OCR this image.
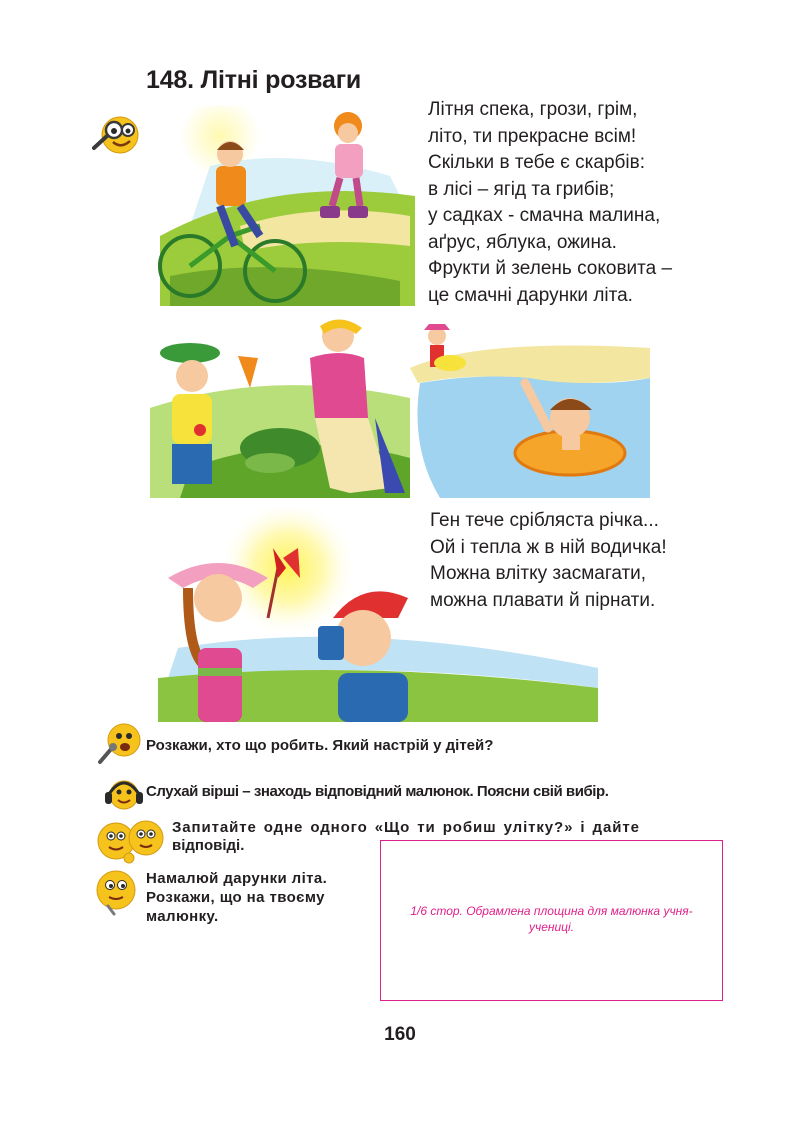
148. Літні розваги
Літня спека, грози, грім,
літо, ти прекрасне всім!
Скільки в тебе є скарбів:
в лісі – ягід та грибів;
у садках - смачна малина,
аґрус, яблука, ожина.
Фрукти й зелень соковита –
це смачні дарунки літа.
Ген тече срібляста річка...
Ой і тепла ж в ній водичка!
Можна влітку засмагати,
можна плавати й пірнати.
Розкажи, хто що робить. Який настрій у дітей?
Слухай вірші – знаходь відповідний малюнок. Поясни свій вибір.
Запитайте одне одного «Що ти робиш улітку?» і дайте
відповіді.
Намалюй дарунки літа.
Розкажи, що на твоєму
малюнку.	1/6 стор. Обрамлена площина для малюнка учня-учениці.
160
